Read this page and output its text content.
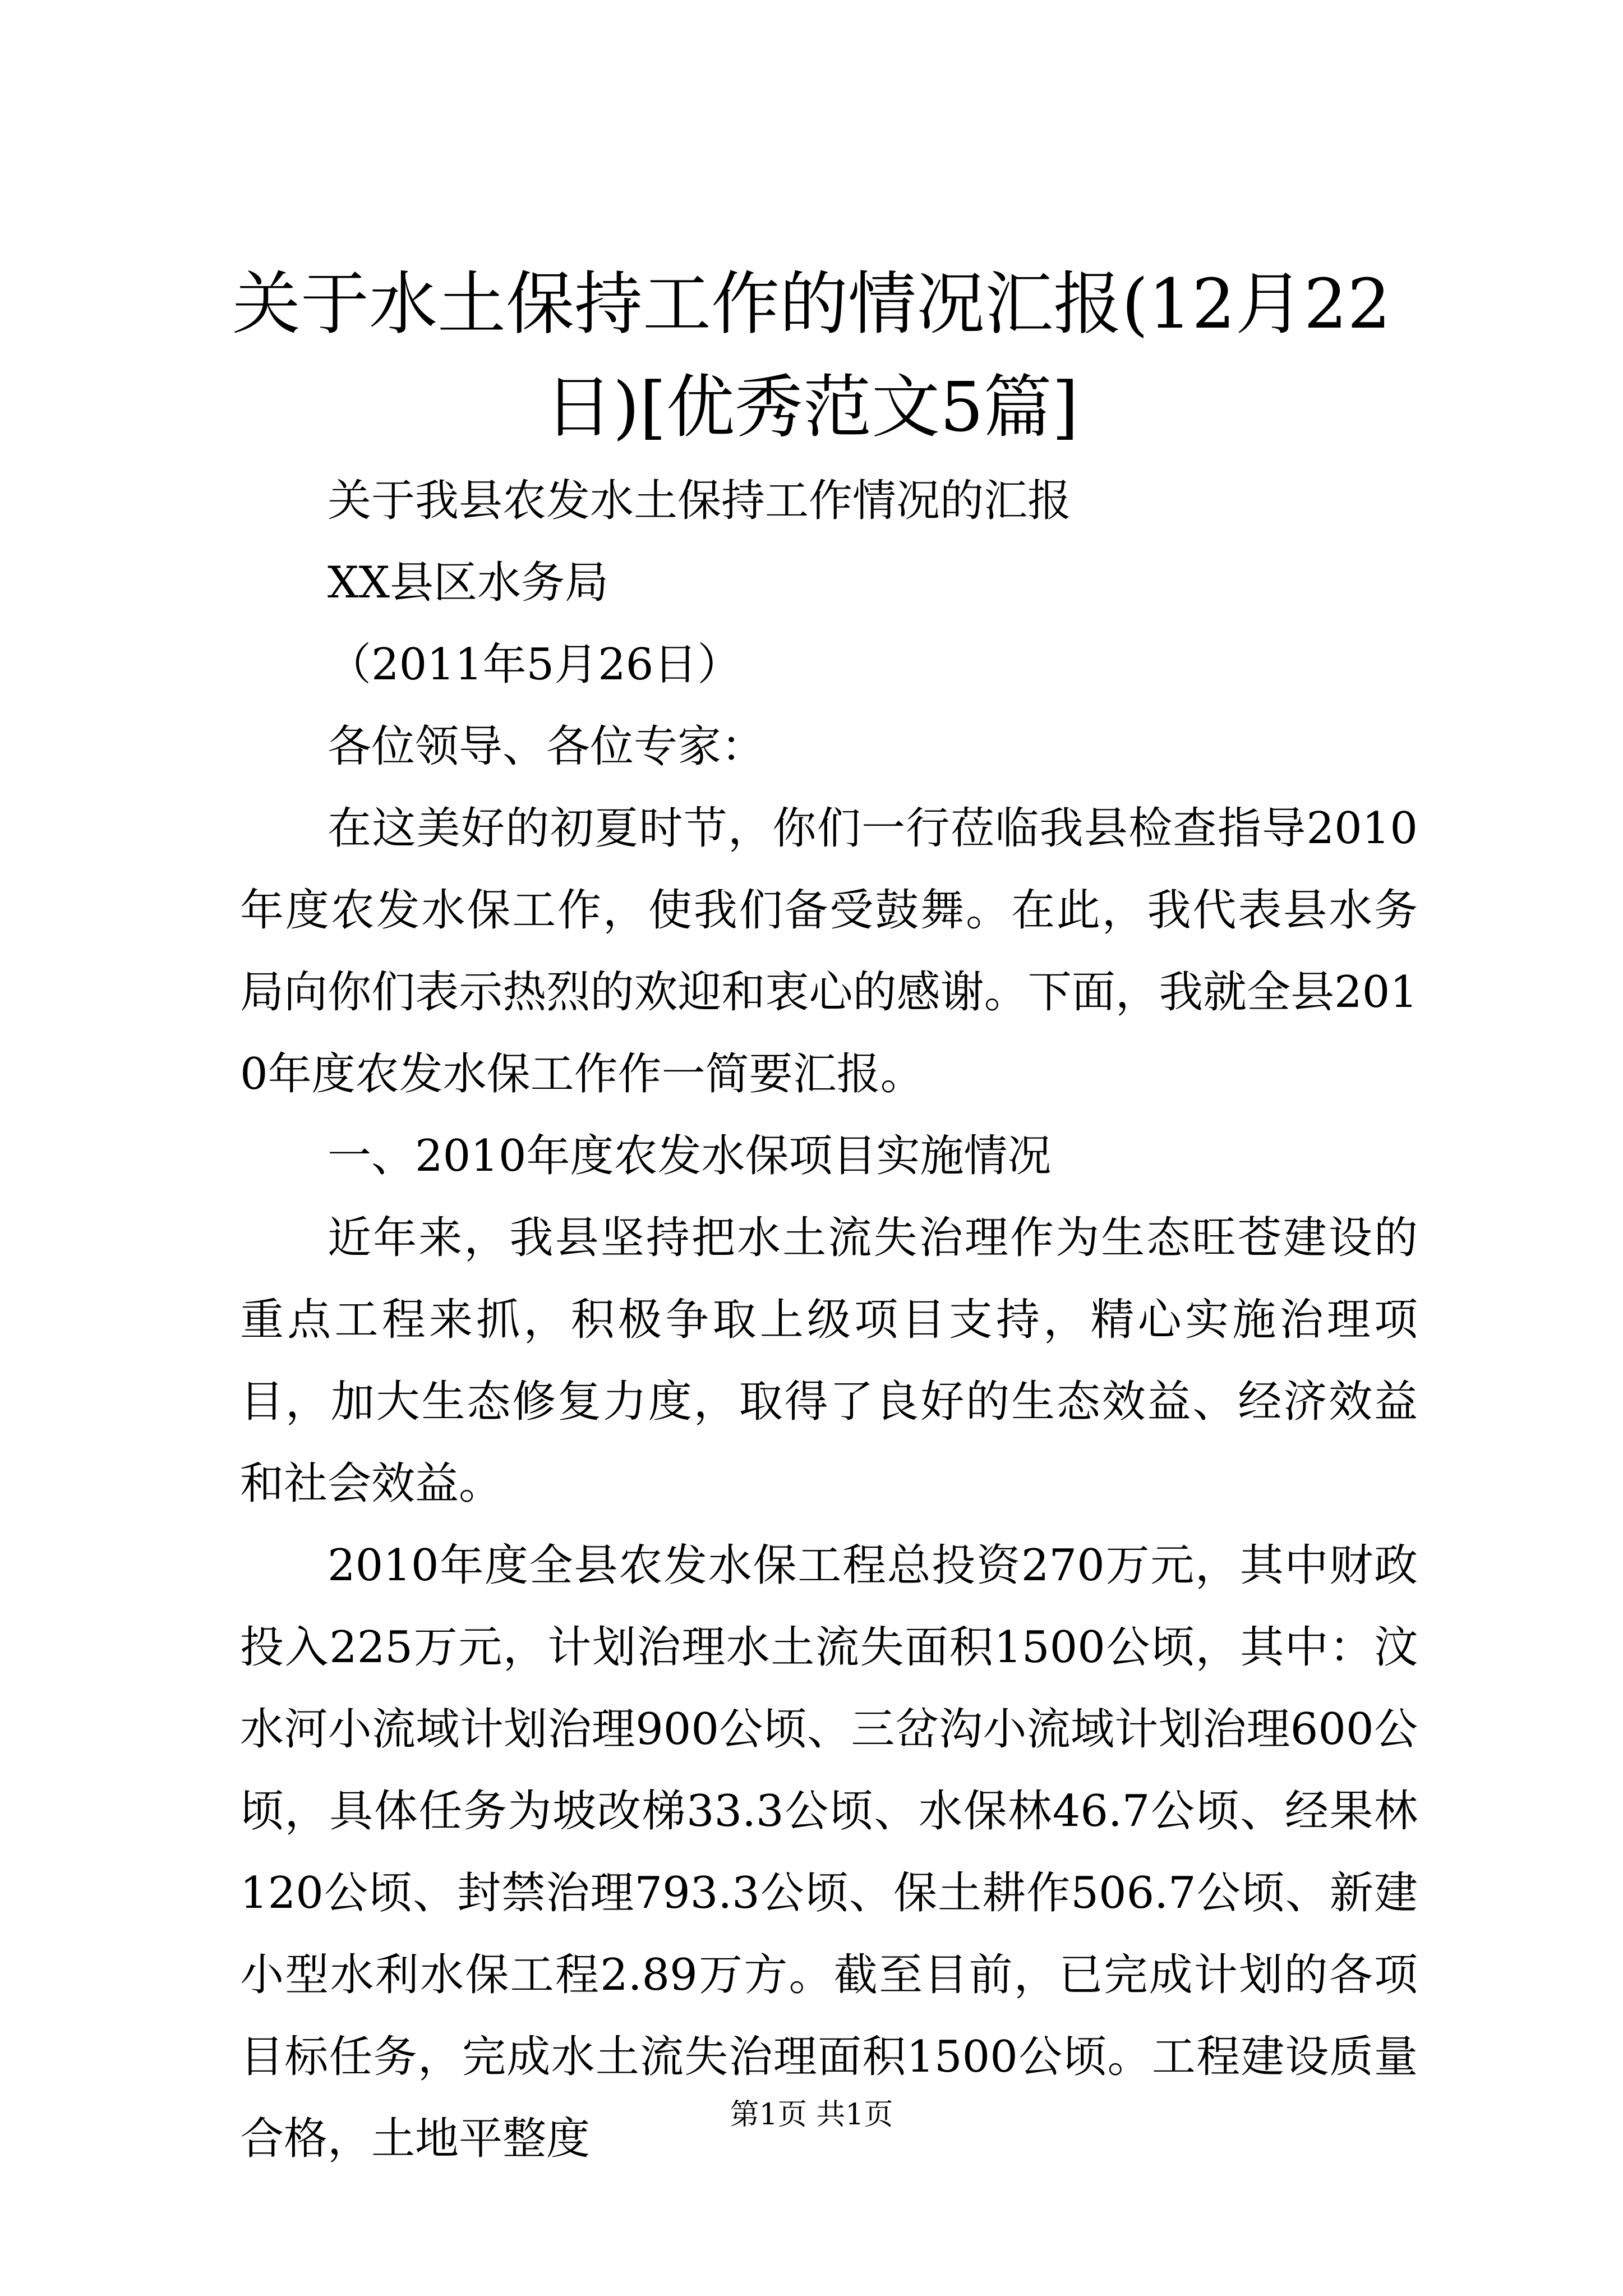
关于水土保持工作的情况汇报(12月22日)[优秀范文5篇]

关于我县农发水土保持工作情况的汇报

XX县区水务局

（2011年5月26日）

各位领导、各位专家：

在这美好的初夏时节，你们一行莅临我县检查指导2010年度农发水保工作，使我们备受鼓舞。在此，我代表县水务局向你们表示热烈的欢迎和衷心的感谢。下面，我就全县2010年度农发水保工作作一简要汇报。

一、2010年度农发水保项目实施情况

近年来，我县坚持把水土流失治理作为生态旺苍建设的重点工程来抓，积极争取上级项目支持，精心实施治理项目，加大生态修复力度，取得了良好的生态效益、经济效益和社会效益。

2010年度全县农发水保工程总投资270万元，其中财政投入225万元，计划治理水土流失面积1500公顷，其中：汶水河小流域计划治理900公顷、三岔沟小流域计划治理600公顷，具体任务为坡改梯33.3公顷、水保林46.7公顷、经果林120公顷、封禁治理793.3公顷、保土耕作506.7公顷、新建小型水利水保工程2.89万方。截至目前，已完成计划的各项目标任务，完成水土流失治理面积1500公顷。工程建设质量合格，土地平整度	第1页 共1页
